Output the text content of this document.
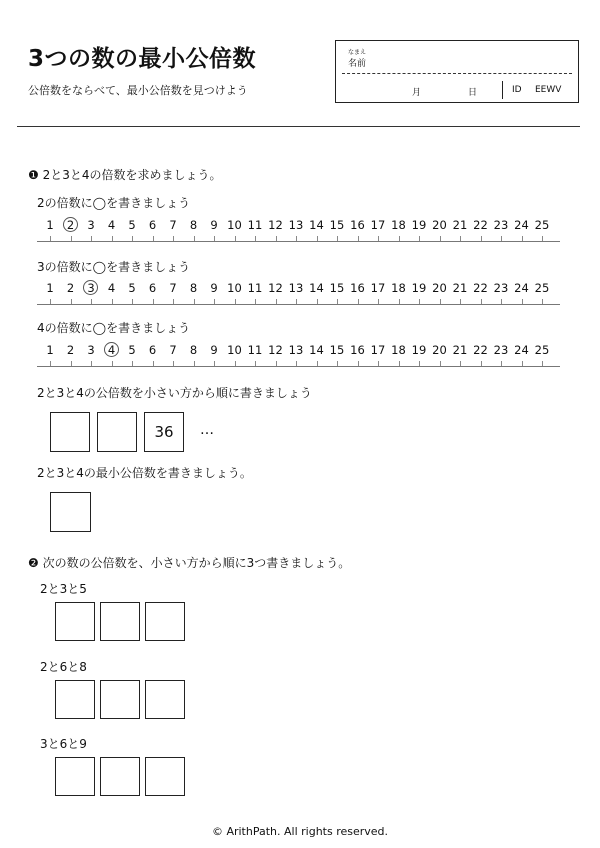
3つの数の最小公倍数
公倍数をならべて、最小公倍数を見つけよう
なまえ
名前
月	日	ID EEWV
❶ 2と3と4の倍数を求めましょう。
2の倍数に◯を書きましょう
1	2	3	4	5	6	7	8	9 10 11 12 13 14 15 16 17 18 19 20 21 22 23 24 25
3の倍数に◯を書きましょう
1	2	3	4	5	6	7	8	9 10 11 12 13 14 15 16 17 18 19 20 21 22 23 24 25
4の倍数に◯を書きましょう
1	2	3	4	5	6	7	8	9 10 11 12 13 14 15 16 17 18 19 20 21 22 23 24 25
2と3と4の公倍数を小さい方から順に書きましょう
36	…
2と3と4の最小公倍数を書きましょう。
❷ 次の数の公倍数を、小さい方から順に3つ書きましょう。
2と3と5
2と6と8
3と6と9
© ArithPath. All rights reserved.
